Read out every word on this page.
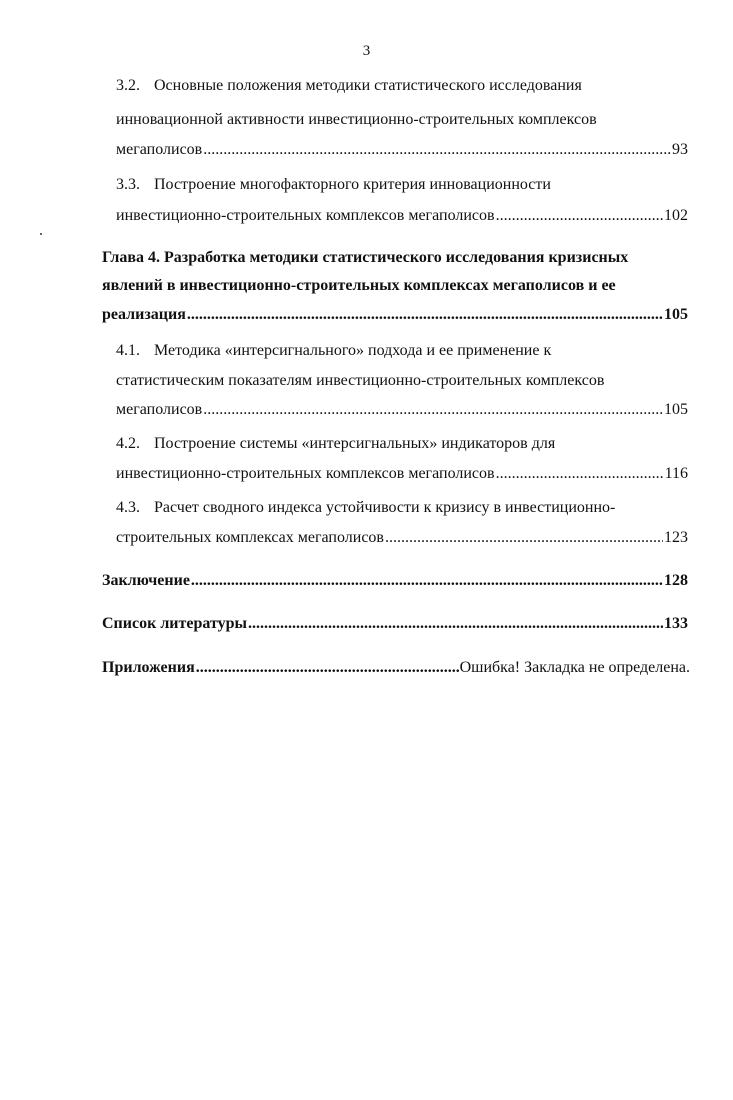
3
3.2. Основные положения методики статистического исследования
инновационной активности инвестиционно-строительных комплексов
мегаполисов .....	93
3.3. Построение многофакторного критерия инновационности
инвестиционно-строительных комплексов мегаполисов .....	102
Глава 4. Разработка методики статистического исследования кризисных
явлений в инвестиционно-строительных комплексах мегаполисов и ее
реализация .....	105
4.1. Методика «интерсигнального» подхода и ее применение к
статистическим показателям инвестиционно-строительных комплексов
мегаполисов .....	105
4.2. Построение системы «интерсигнальных» индикаторов для
инвестиционно-строительных комплексов мегаполисов .....	116
4.3. Расчет сводного индекса устойчивости к кризису в инвестиционно-
строительных комплексах мегаполисов .....	123
Заключение .....	128
Список литературы .....	133
Приложения .....	Ошибка! Закладка не определена.
